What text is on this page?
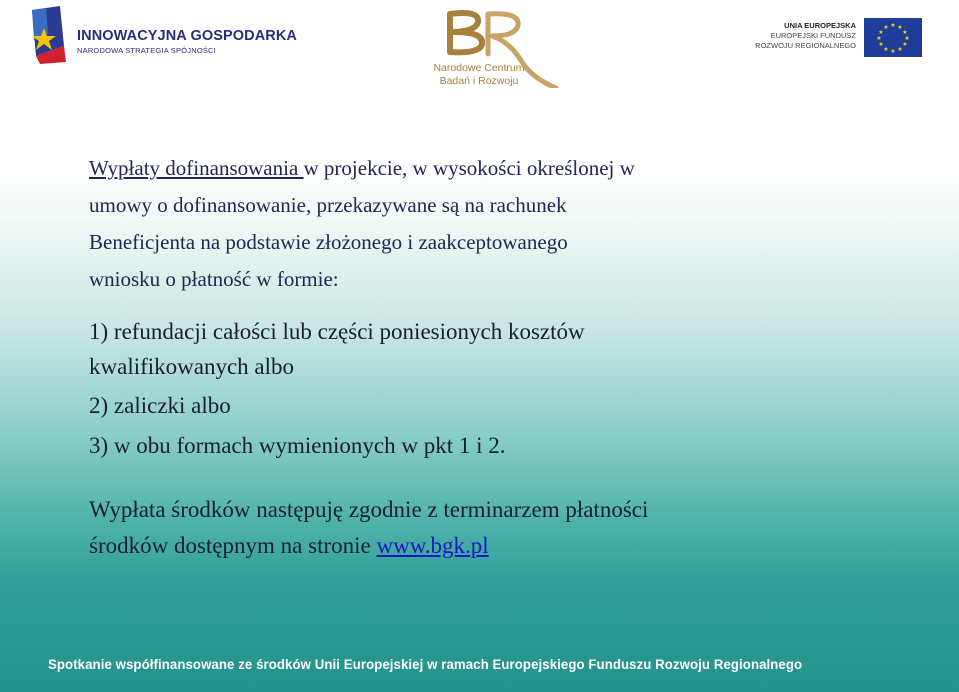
INNOWACYJNA GOSPODARKA
NARODOWA STRATEGIA SPÓJNOŚCI
Narodowe Centrum
Badań i Rozwoju
UNIA EUROPEJSKA
EUROPEJSKI FUNDUSZ
ROZWOJU REGIONALNEGO
★ ★
★
★
★
★
★
★
★
★
★
★
Wypłaty dofinansowania w projekcie, w wysokości określonej w
umowy o dofinansowanie, przekazywane są na rachunek
Beneficjenta na podstawie złożonego i zaakceptowanego
wniosku o płatność w formie:

1) refundacji całości lub części poniesionych kosztów

kwalifikowanych albo

2) zaliczki albo

3) w obu formach wymienionych w pkt 1 i 2.

Wypłata środków następuję zgodnie z terminarzem płatności
środków dostępnym na stronie www.bgk.pl
Spotkanie współfinansowane ze środków Unii Europejskiej w ramach Europejskiego Funduszu Rozwoju Regionalnego
